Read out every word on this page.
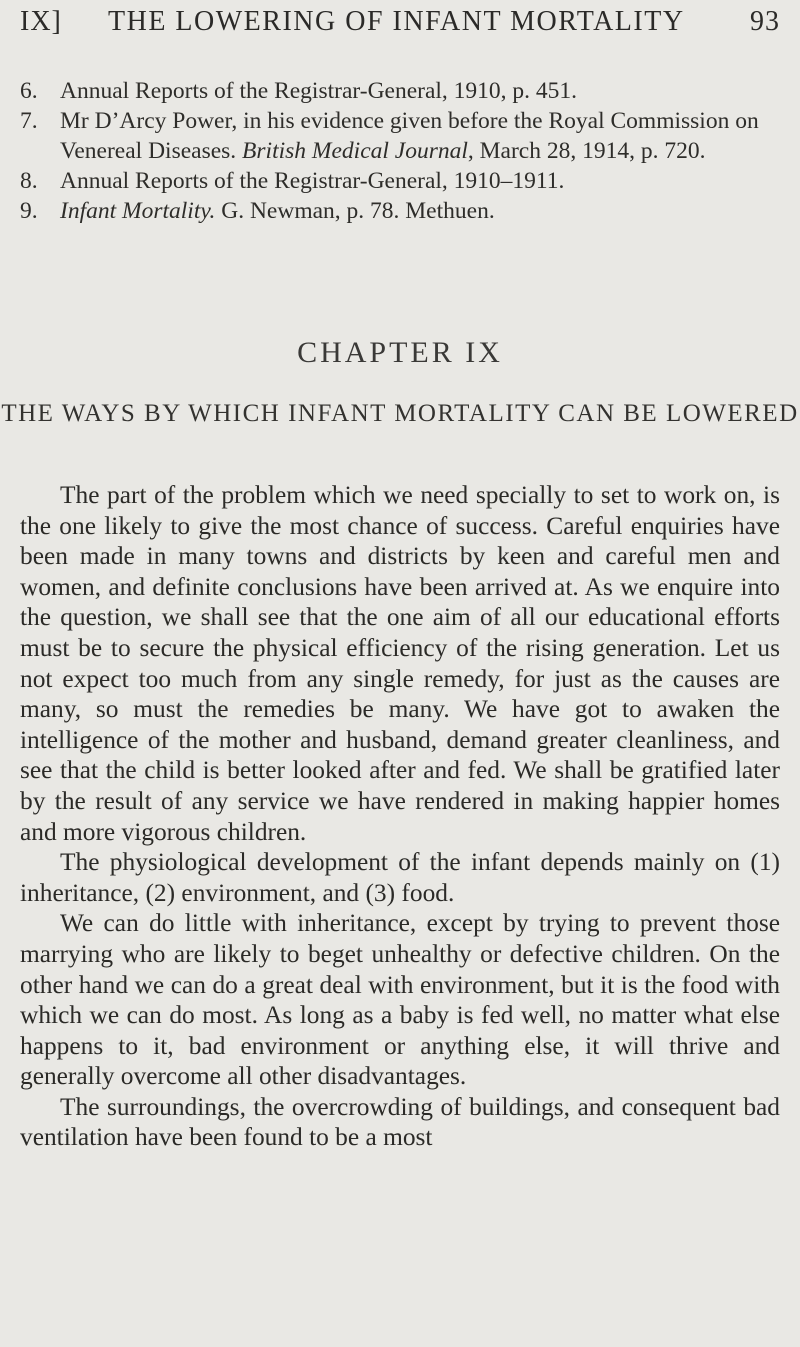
IX] THE LOWERING OF INFANT MORTALITY 93
6. Annual Reports of the Registrar-General, 1910, p. 451.
7. Mr D’Arcy Power, in his evidence given before the Royal Commission on Venereal Diseases. British Medical Journal, March 28, 1914, p. 720.
8. Annual Reports of the Registrar-General, 1910–1911.
9. Infant Mortality. G. Newman, p. 78. Methuen.
CHAPTER IX
THE WAYS BY WHICH INFANT MORTALITY CAN BE LOWERED

The part of the problem which we need specially to set to work on, is the one likely to give the most chance of success. Careful enquiries have been made in many towns and districts by keen and careful men and women, and definite conclusions have been arrived at. As we enquire into the question, we shall see that the one aim of all our educational efforts must be to secure the physical efficiency of the rising generation. Let us not expect too much from any single remedy, for just as the causes are many, so must the remedies be many. We have got to awaken the intelligence of the mother and husband, demand greater cleanliness, and see that the child is better looked after and fed. We shall be gratified later by the result of any service we have rendered in making happier homes and more vigorous children.

The physiological development of the infant depends mainly on (1) inheritance, (2) environment, and (3) food.

We can do little with inheritance, except by trying to prevent those marrying who are likely to beget unhealthy or defective children. On the other hand we can do a great deal with environment, but it is the food with which we can do most. As long as a baby is fed well, no matter what else happens to it, bad environment or anything else, it will thrive and generally overcome all other disadvantages.

The surroundings, the overcrowding of buildings, and consequent bad ventilation have been found to be a most
